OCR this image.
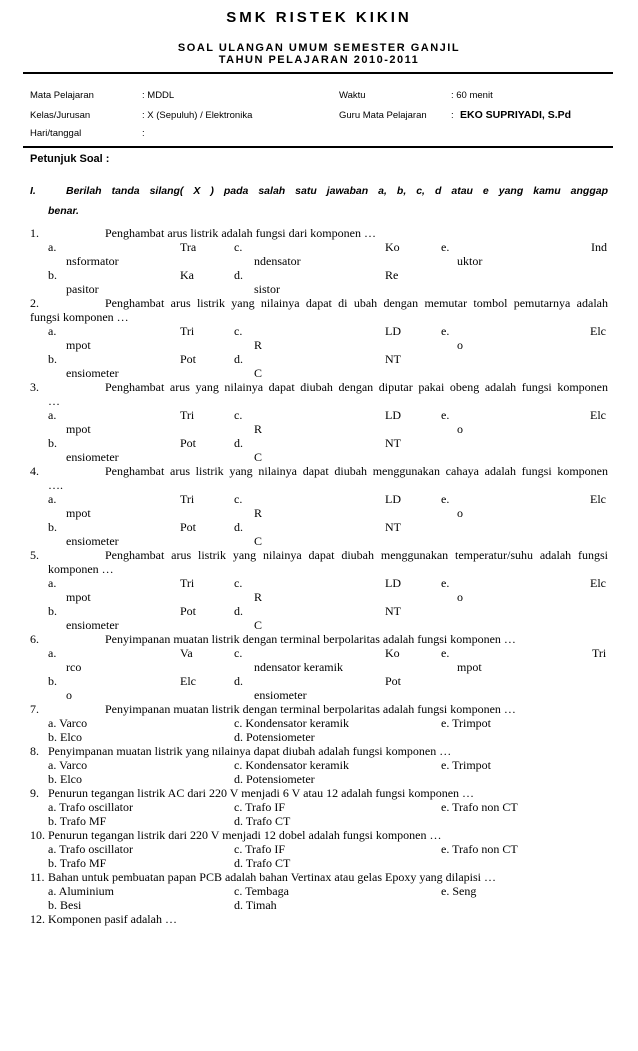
SMK RISTEK KIKIN
SOAL ULANGAN UMUM SEMESTER GANJIL
TAHUN PELAJARAN 2010-2011
Mata Pelajaran	: MDDL	Waktu	: 60 menit
Kelas/Jurusan	: X (Sepuluh) / Elektronika	Guru Mata Pelajaran	: EKO SUPRIYADI, S.Pd
Hari/tanggal	:
Petunjuk Soal :
I.	Berilah tanda silang( X ) pada salah satu jawaban a, b, c, d atau e yang kamu anggap
benar.
1.	Penghambat arus listrik adalah fungsi dari komponen …
a.	Tra	c.	Ko	e.	Ind
nsformator	ndensator	uktor
b.	Ka	d.	Re
pasitor	sistor
2.	Penghambat arus listrik yang nilainya dapat di ubah dengan memutar tombol pemutarnya adalah
fungsi komponen …
a.	Tri	c.	LD	e.	Elc
mpot	R	o
b.	Pot	d.	NT
ensiometer	C
3.	Penghambat arus yang nilainya dapat diubah dengan diputar pakai obeng adalah fungsi komponen
…
a.	Tri	c.	LD	e.	Elc
mpot	R	o
b.	Pot	d.	NT
ensiometer	C
4.	Penghambat arus listrik yang nilainya dapat diubah menggunakan cahaya adalah fungsi komponen
….
a.	Tri	c.	LD	e.	Elc
mpot	R	o
b.	Pot	d.	NT
ensiometer	C
5.	Penghambat arus listrik yang nilainya dapat diubah menggunakan temperatur/suhu adalah fungsi
komponen …
a.	Tri	c.	LD	e.	Elc
mpot	R	o
b.	Pot	d.	NT
ensiometer	C
6.	Penyimpanan muatan listrik dengan terminal berpolaritas adalah fungsi komponen …
a.	Va	c.	Ko	e.	Tri
rco	ndensator keramik	mpot
b.	Elc	d.	Pot
o	ensiometer
7.	Penyimpanan muatan listrik dengan terminal berpolaritas adalah fungsi komponen …
a. Varco	c. Kondensator keramik	e. Trimpot
b. Elco	d. Potensiometer
8. Penyimpanan muatan listrik yang nilainya dapat diubah adalah fungsi komponen …
a. Varco	c. Kondensator keramik	e. Trimpot
b. Elco	d. Potensiometer
9. Penurun tegangan listrik AC dari 220 V menjadi 6 V atau 12 adalah fungsi komponen …
a. Trafo oscillator	c. Trafo IF	e. Trafo non CT
b. Trafo MF	d. Trafo CT
10. Penurun tegangan listrik dari 220 V menjadi 12 dobel adalah fungsi komponen …
a. Trafo oscillator	c. Trafo IF	e. Trafo non CT
b. Trafo MF	d. Trafo CT
11. Bahan untuk pembuatan papan PCB adalah bahan Vertinax atau gelas Epoxy yang dilapisi …
a. Aluminium	c. Tembaga	e. Seng
b. Besi	d. Timah
12. Komponen pasif adalah …
